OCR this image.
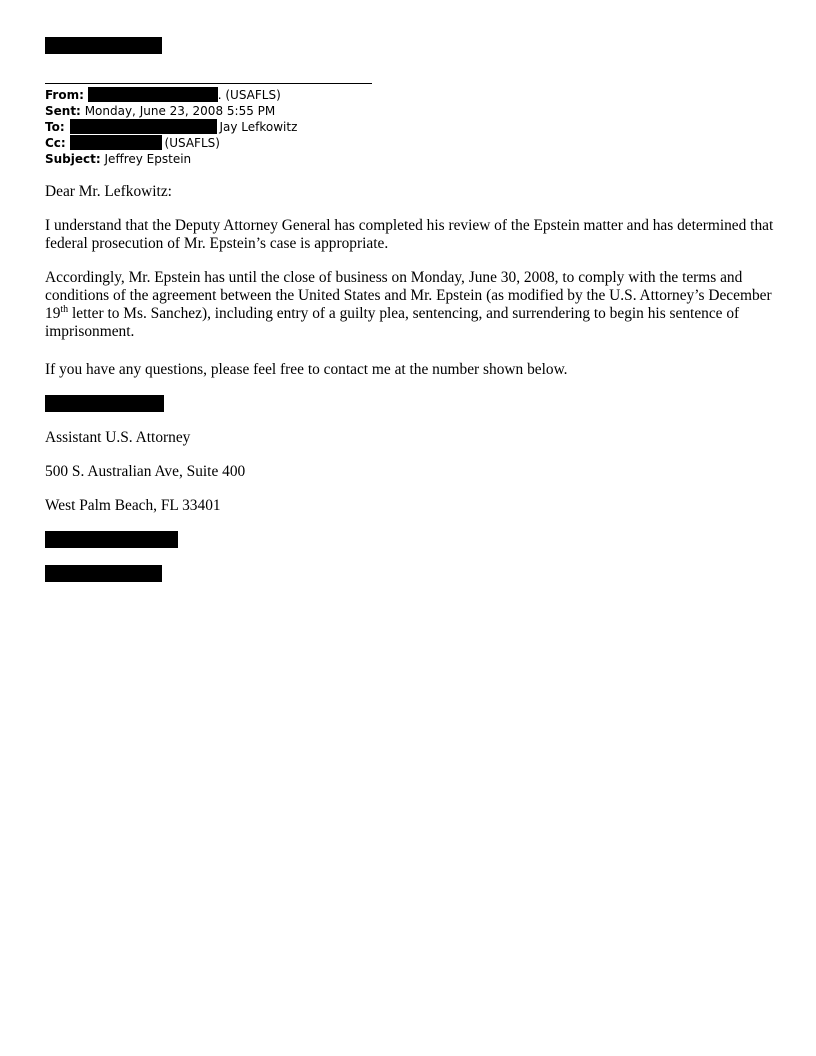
From:	. (USAFLS)

Sent: Monday, June 23, 2008 5:55 PM

To:	Jay Lefkowitz

Cc:	(USAFLS)

Subject: Jeffrey Epstein

Dear Mr. Lefkowitz:

I understand that the Deputy Attorney General has completed his review of the Epstein matter and has determined that federal prosecution of Mr. Epstein’s case is appropriate.

Accordingly, Mr. Epstein has until the close of business on Monday, June 30, 2008, to comply with the terms and conditions of the agreement between the United States and Mr. Epstein (as modified by the U.S. Attorney’s December 19th letter to Ms. Sanchez), including entry of a guilty plea, sentencing, and surrendering to begin his sentence of imprisonment.

If you have any questions, please feel free to contact me at the number shown below.

Assistant U.S. Attorney

500 S. Australian Ave, Suite 400

West Palm Beach, FL 33401
